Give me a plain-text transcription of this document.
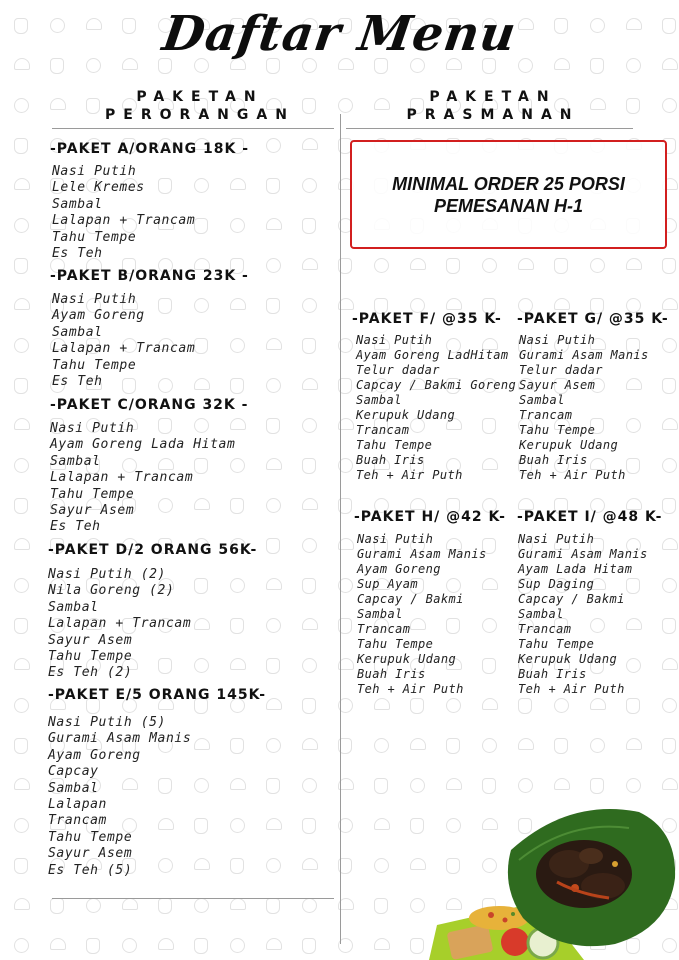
Daftar Menu
PAKETAN
PERORANGAN
PAKETAN
PRASMANAN
MINIMAL ORDER 25 PORSI
PEMESANAN H-1
-PAKET A/ORANG 18K -
Nasi Putih
Lele Kremes
Sambal
Lalapan + Trancam
Tahu Tempe
Es Teh
-PAKET B/ORANG 23K -
Nasi Putih
Ayam Goreng
Sambal
Lalapan + Trancam
Tahu Tempe
Es Teh
-PAKET C/ORANG 32K -
Nasi Putih
Ayam Goreng Lada Hitam
Sambal
Lalapan + Trancam
Tahu Tempe
Sayur Asem
Es Teh
-PAKET D/2 ORANG 56K-
Nasi Putih (2)
Nila Goreng (2)
Sambal
Lalapan + Trancam
Sayur Asem
Tahu Tempe
Es Teh (2)
-PAKET E/5 ORANG 145K-
Nasi Putih (5)
Gurami Asam Manis
Ayam Goreng
Capcay
Sambal
Lalapan
Trancam
Tahu Tempe
Sayur Asem
Es Teh (5)
-PAKET F/ @35 K-
Nasi Putih
Ayam Goreng LadHitam
Telur dadar
Capcay / Bakmi Goreng
Sambal
Kerupuk Udang
Trancam
Tahu Tempe
Buah Iris
Teh + Air Puth
-PAKET G/ @35 K-
Nasi Putih
Gurami Asam Manis
Telur dadar
Sayur Asem
Sambal
Trancam
Tahu Tempe
Kerupuk Udang
Buah Iris
Teh + Air Puth
-PAKET H/ @42 K-
Nasi Putih
Gurami Asam Manis
Ayam Goreng
Sup Ayam
Capcay / Bakmi
Sambal
Trancam
Tahu Tempe
Kerupuk Udang
Buah Iris
Teh + Air Puth
-PAKET I/ @48 K-
Nasi Putih
Gurami Asam Manis
Ayam Lada Hitam
Sup Daging
Capcay / Bakmi
Sambal
Trancam
Tahu Tempe
Kerupuk Udang
Buah Iris
Teh + Air Puth
